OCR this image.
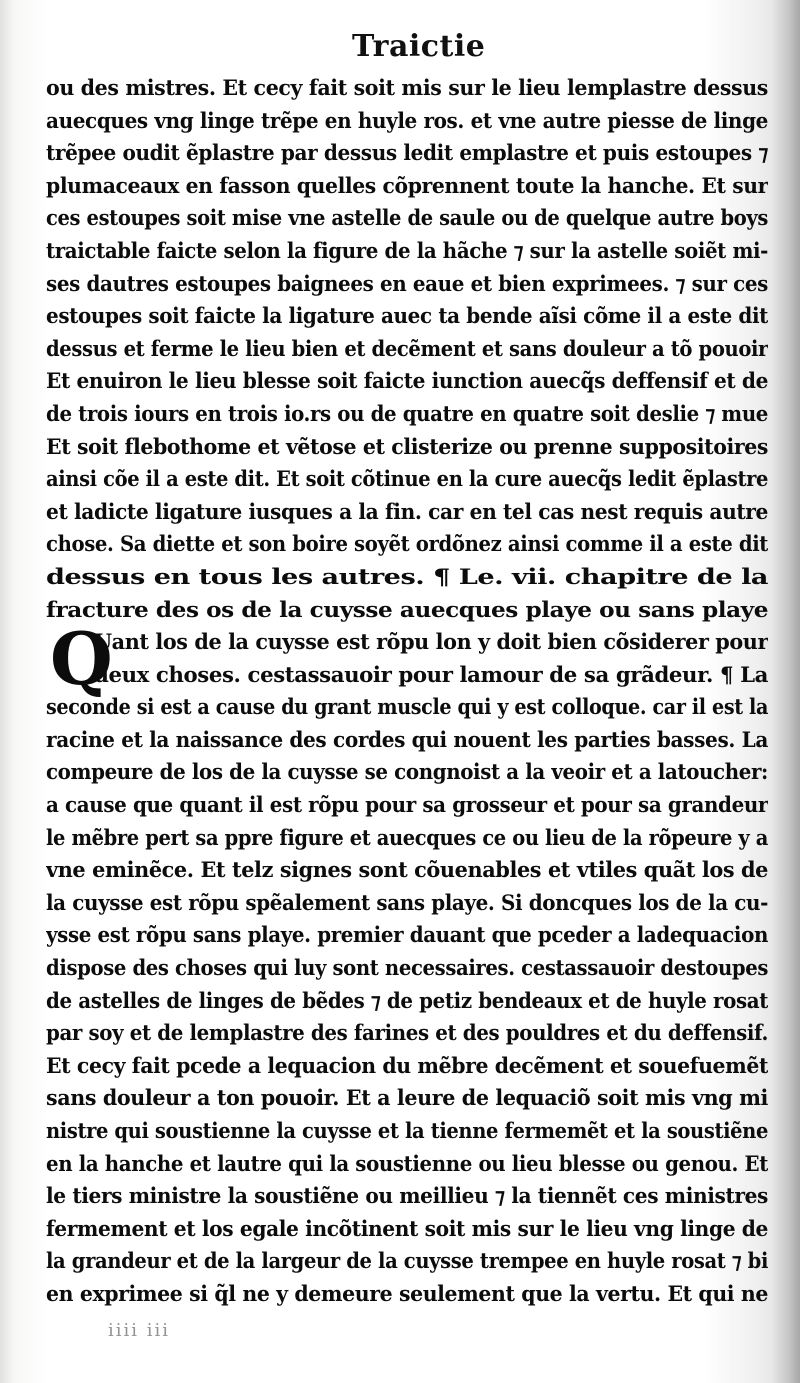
Traictie
Q
ou des mistres. Et cecy fait soit mis sur le lieu lemplastre dessus
auecques vng linge trẽpe en huyle ros. et vne autre piesse de linge
trẽpee oudit ẽplastre par dessus ledit emplastre et puis estoupes ⁊
plumaceaux en fasson quelles cõprennent toute la hanche. Et sur
ces estoupes soit mise vne astelle de saule ou de quelque autre boys
traictable faicte selon la figure de la hãche ⁊ sur la astelle soiẽt mi-
ses dautres estoupes baignees en eaue et bien exprimees. ⁊ sur ces
estoupes soit faicte la ligature auec ta bende aĩsi cõme il a este dit
dessus et ferme le lieu bien et decẽment et sans douleur a tõ pouoir
Et enuiron le lieu blesse soit faicte iunction auecq̃s deffensif et de
de trois iours en trois io.rs ou de quatre en quatre soit deslie ⁊ mue
Et soit flebothome et vẽtose et clisterize ou prenne suppositoires
ainsi cõe il a este dit. Et soit cõtinue en la cure auecq̃s ledit ẽplastre
et ladicte ligature iusques a la fin. car en tel cas nest requis autre
chose. Sa diette et son boire soyẽt ordõnez ainsi comme il a este dit
dessus en tous les autres. ¶ Le. vii. chapitre de la
fracture des os de la cuysse auecques playe ou sans playe
Uant los de la cuysse est rõpu lon y doit bien cõsiderer pour
deux choses. cestassauoir pour lamour de sa grãdeur. ¶ La
seconde si est a cause du grant muscle qui y est colloque. car il est la
racine et la naissance des cordes qui nouent les parties basses. La
compeure de los de la cuysse se congnoist a la veoir et a latoucher:
a cause que quant il est rõpu pour sa grosseur et pour sa grandeur
le mẽbre pert sa ppre figure et auecques ce ou lieu de la rõpeure y a
vne eminẽce. Et telz signes sont cõuenables et vtiles quãt los de
la cuysse est rõpu spẽalement sans playe. Si doncques los de la cu-
ysse est rõpu sans playe. premier dauant que pceder a ladequacion
dispose des choses qui luy sont necessaires. cestassauoir destoupes
de astelles de linges de bẽdes ⁊ de petiz bendeaux et de huyle rosat
par soy et de lemplastre des farines et des pouldres et du deffensif.
Et cecy fait pcede a lequacion du mẽbre decẽment et souefuemẽt
sans douleur a ton pouoir. Et a leure de lequaciõ soit mis vng mi
nistre qui soustienne la cuysse et la tienne fermemẽt et la soustiẽne
en la hanche et lautre qui la soustienne ou lieu blesse ou genou. Et
le tiers ministre la soustiẽne ou meillieu ⁊ la tiennẽt ces ministres
fermement et los egale incõtinent soit mis sur le lieu vng linge de
la grandeur et de la largeur de la cuysse trempee en huyle rosat ⁊ bi
en exprimee si q̃l ne y demeure seulement que la vertu. Et qui ne
iiii iii
